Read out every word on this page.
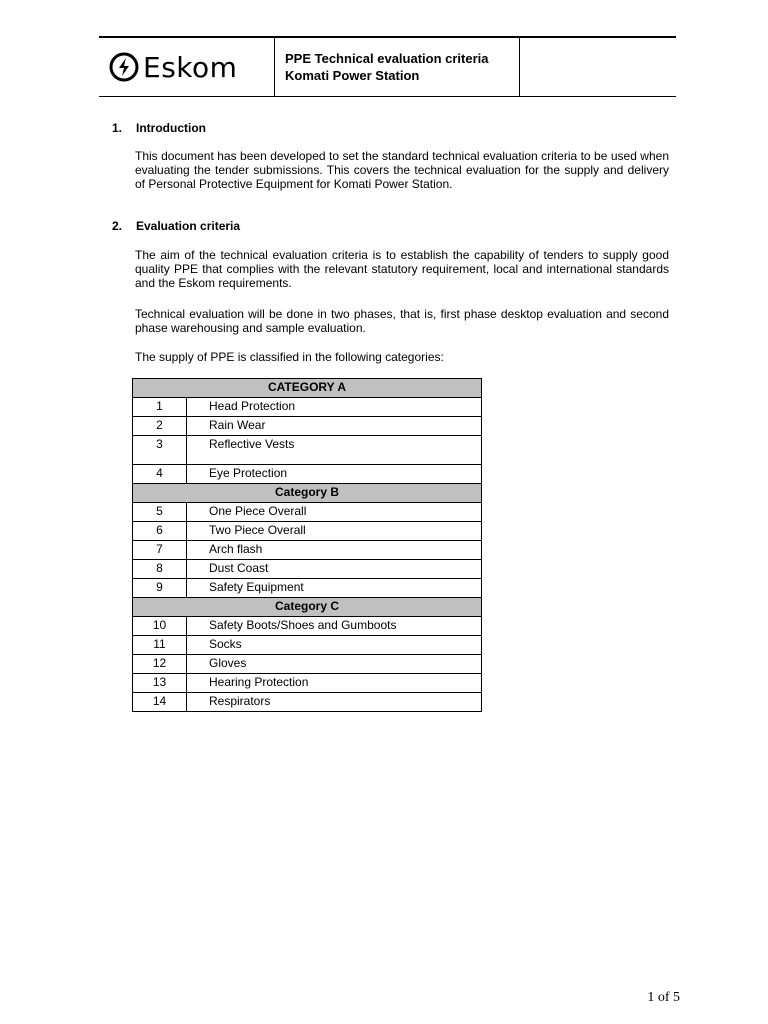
Eskom	PPE Technical evaluation criteria
Komati Power Station
1. Introduction

This document has been developed to set the standard technical evaluation criteria to be used when evaluating the tender submissions. This covers the technical evaluation for the supply and delivery of Personal Protective Equipment for Komati Power Station.

2. Evaluation criteria

The aim of the technical evaluation criteria is to establish the capability of tenders to supply good quality PPE that complies with the relevant statutory requirement, local and international standards and the Eskom requirements.

Technical evaluation will be done in two phases, that is, first phase desktop evaluation and second phase warehousing and sample evaluation.

The supply of PPE is classified in the following categories:

CATEGORY A	
1	Head Protection
2	Rain Wear
3	Reflective Vests
4	Eye Protection
Category B	
5	One Piece Overall
6	Two Piece Overall
7	Arch flash
8	Dust Coast
9	Safety Equipment
Category C	
10	Safety Boots/Shoes and Gumboots
11	Socks
12	Gloves
13	Hearing Protection
14	Respirators
1 of 5
